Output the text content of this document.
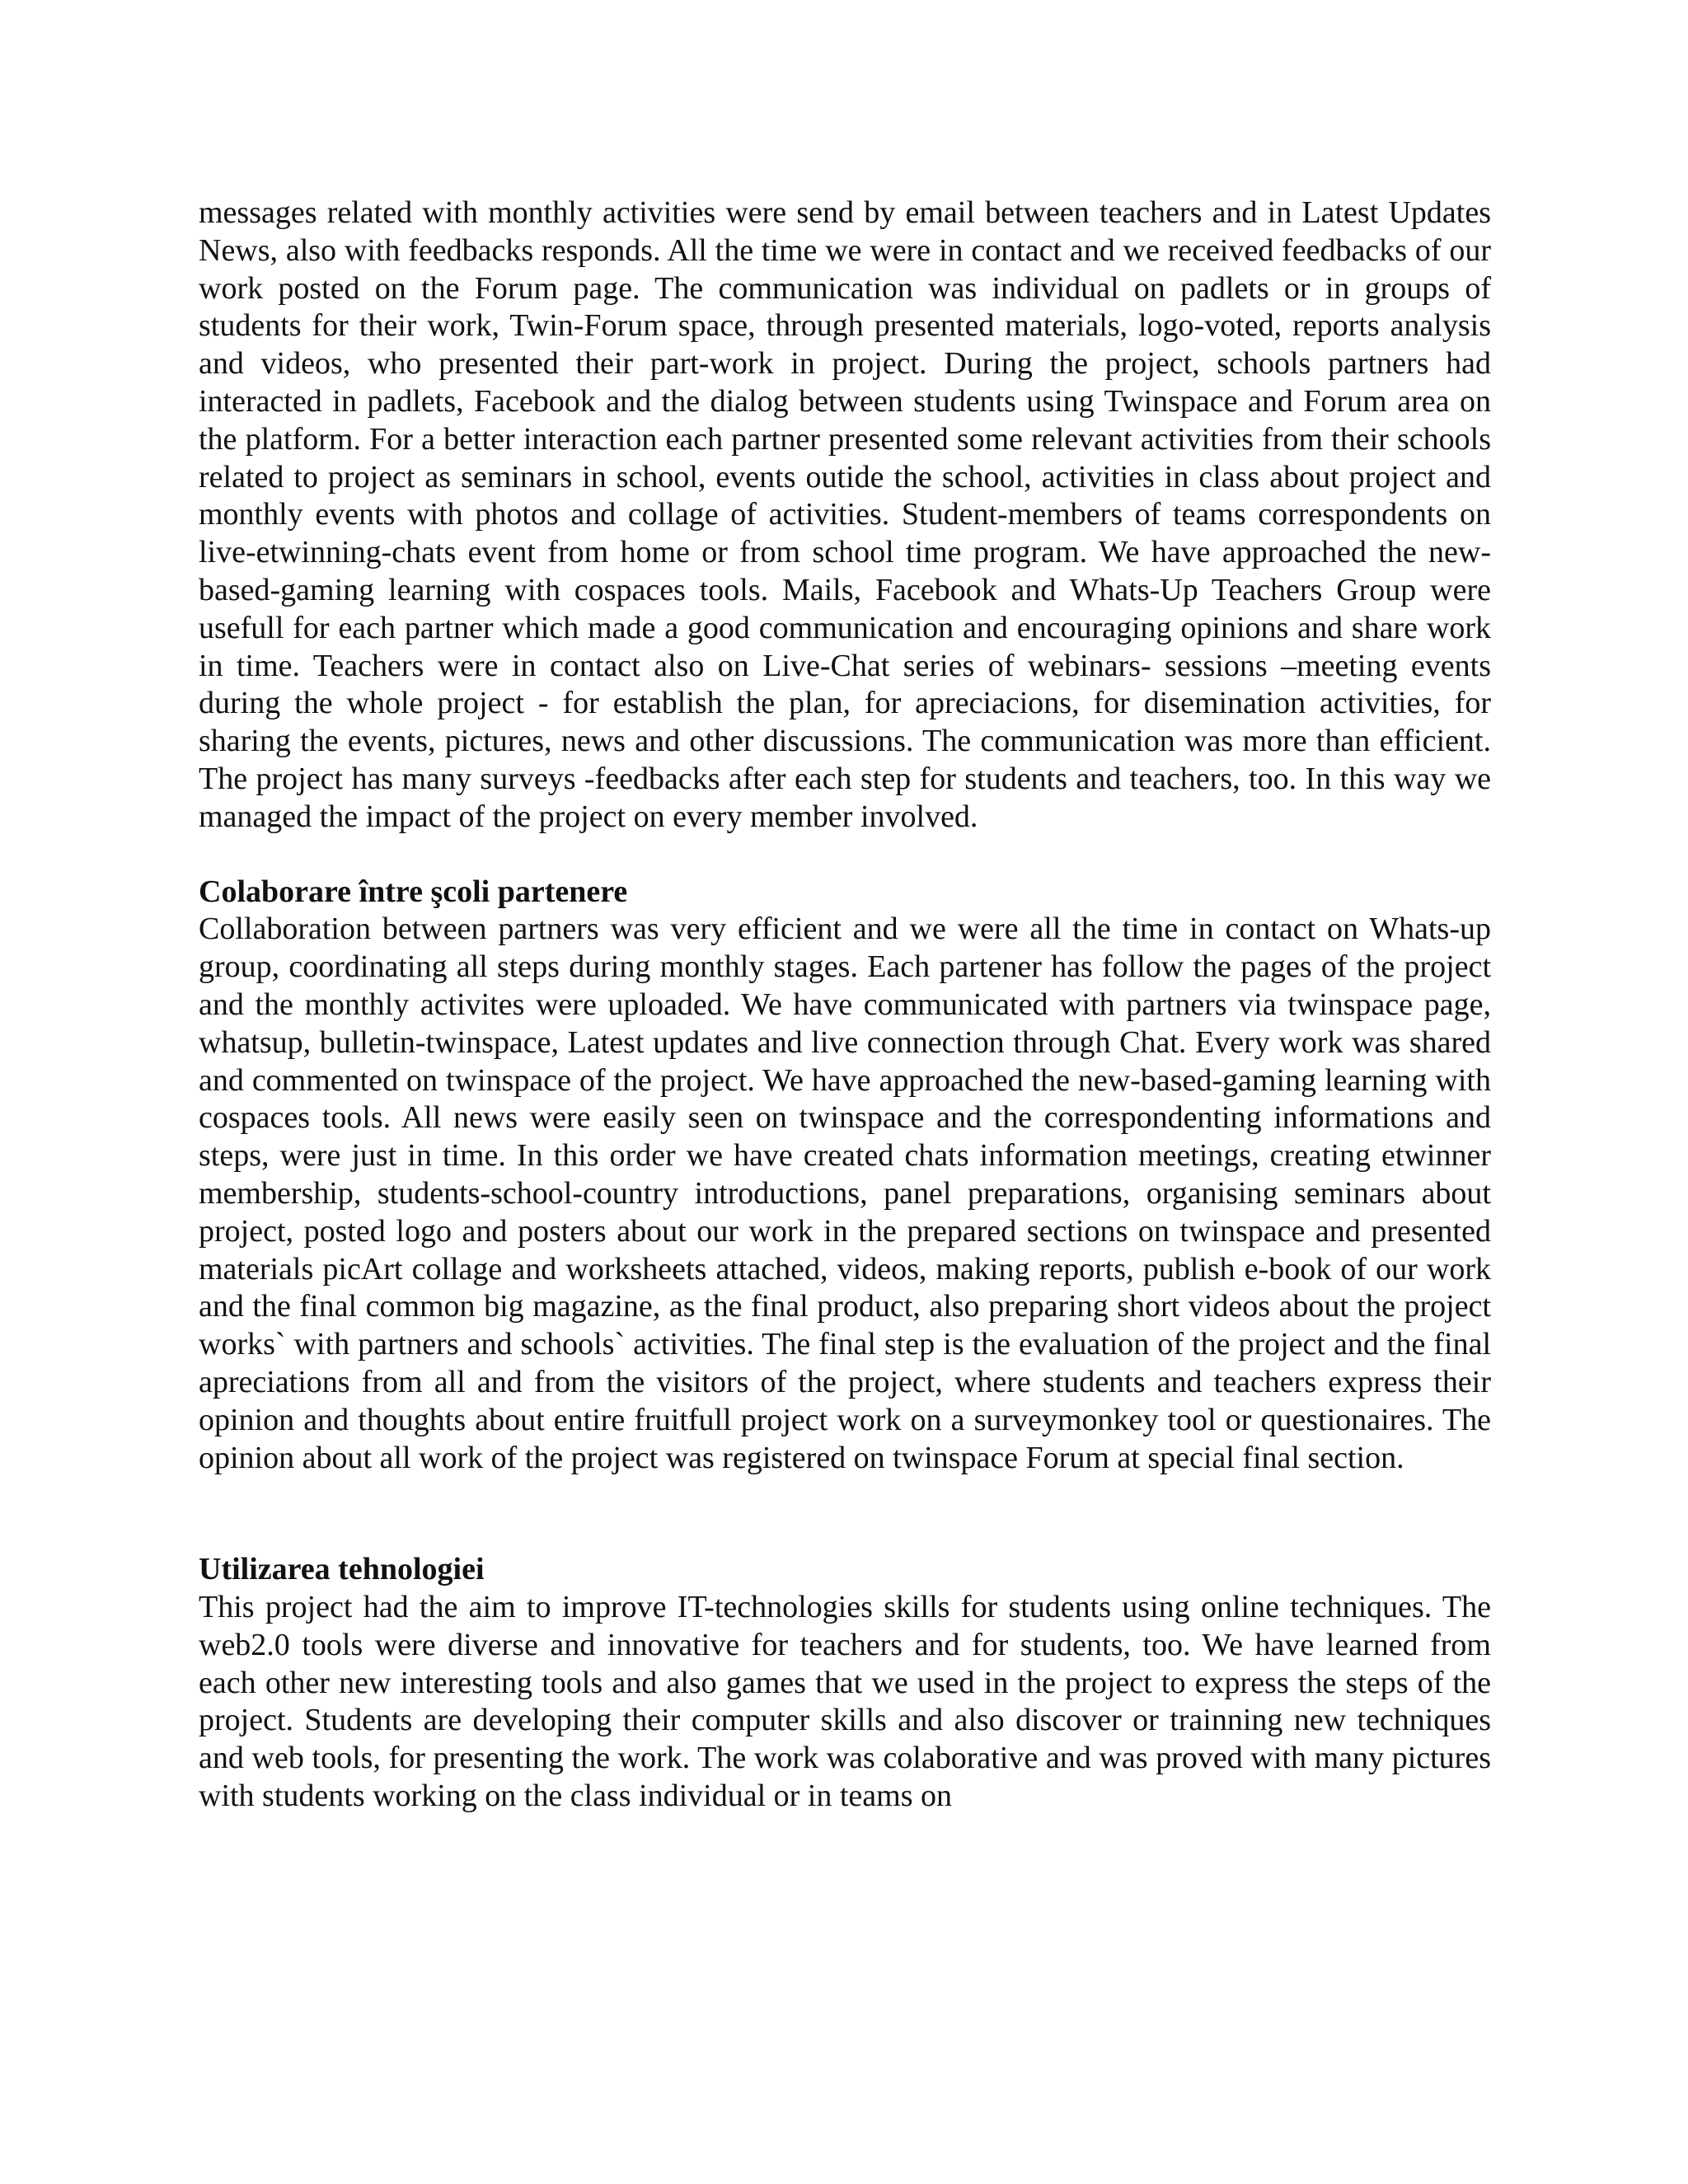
messages related with monthly activities were send by email between teachers and in Latest Updates News, also with feedbacks responds. All the time we were in contact and we received feedbacks of our work posted on the Forum page. The communication was individual on padlets or in groups of students for their work, Twin-Forum space, through presented materials, logo-voted, reports analysis and videos, who presented their part-work in project. During the project, schools partners had interacted in padlets, Facebook and the dialog between students using Twinspace and Forum area on the platform. For a better interaction each partner presented some relevant activities from their schools related to project as seminars in school, events outide the school, activities in class about project and monthly events with photos and collage of activities. Student-members of teams correspondents on live-etwinning-chats event from home or from school time program. We have approached the new-based-gaming learning with cospaces tools. Mails, Facebook and Whats-Up Teachers Group were usefull for each partner which made a good communication and encouraging opinions and share work in time. Teachers were in contact also on Live-Chat series of webinars- sessions –meeting events during the whole project - for establish the plan, for apreciacions, for disemination activities, for sharing the events, pictures, news and other discussions. The communication was more than efficient. The project has many surveys -feedbacks after each step for students and teachers, too. In this way we managed the impact of the project on every member involved.

Colaborare între şcoli partenere

Collaboration between partners was very efficient and we were all the time in contact on Whats-up group, coordinating all steps during monthly stages. Each partener has follow the pages of the project and the monthly activites were uploaded. We have communicated with partners via twinspace page, whatsup, bulletin-twinspace, Latest updates and live connection through Chat. Every work was shared and commented on twinspace of the project. We have approached the new-based-gaming learning with cospaces tools. All news were easily seen on twinspace and the correspondenting informations and steps, were just in time. In this order we have created chats information meetings, creating etwinner membership, students-school-country introductions, panel preparations, organising seminars about project, posted logo and posters about our work in the prepared sections on twinspace and presented materials picArt collage and worksheets attached, videos, making reports, publish e-book of our work and the final common big magazine, as the final product, also preparing short videos about the project works` with partners and schools` activities. The final step is the evaluation of the project and the final apreciations from all and from the visitors of the project, where students and teachers express their opinion and thoughts about entire fruitfull project work on a surveymonkey tool or questionaires. The opinion about all work of the project was registered on twinspace Forum at special final section.

Utilizarea tehnologiei

This project had the aim to improve IT-technologies skills for students using online techniques. The web2.0 tools were diverse and innovative for teachers and for students, too. We have learned from each other new interesting tools and also games that we used in the project to express the steps of the project. Students are developing their computer skills and also discover or trainning new techniques and web tools, for presenting the work. The work was colaborative and was proved with many pictures with students working on the class individual or in teams on
